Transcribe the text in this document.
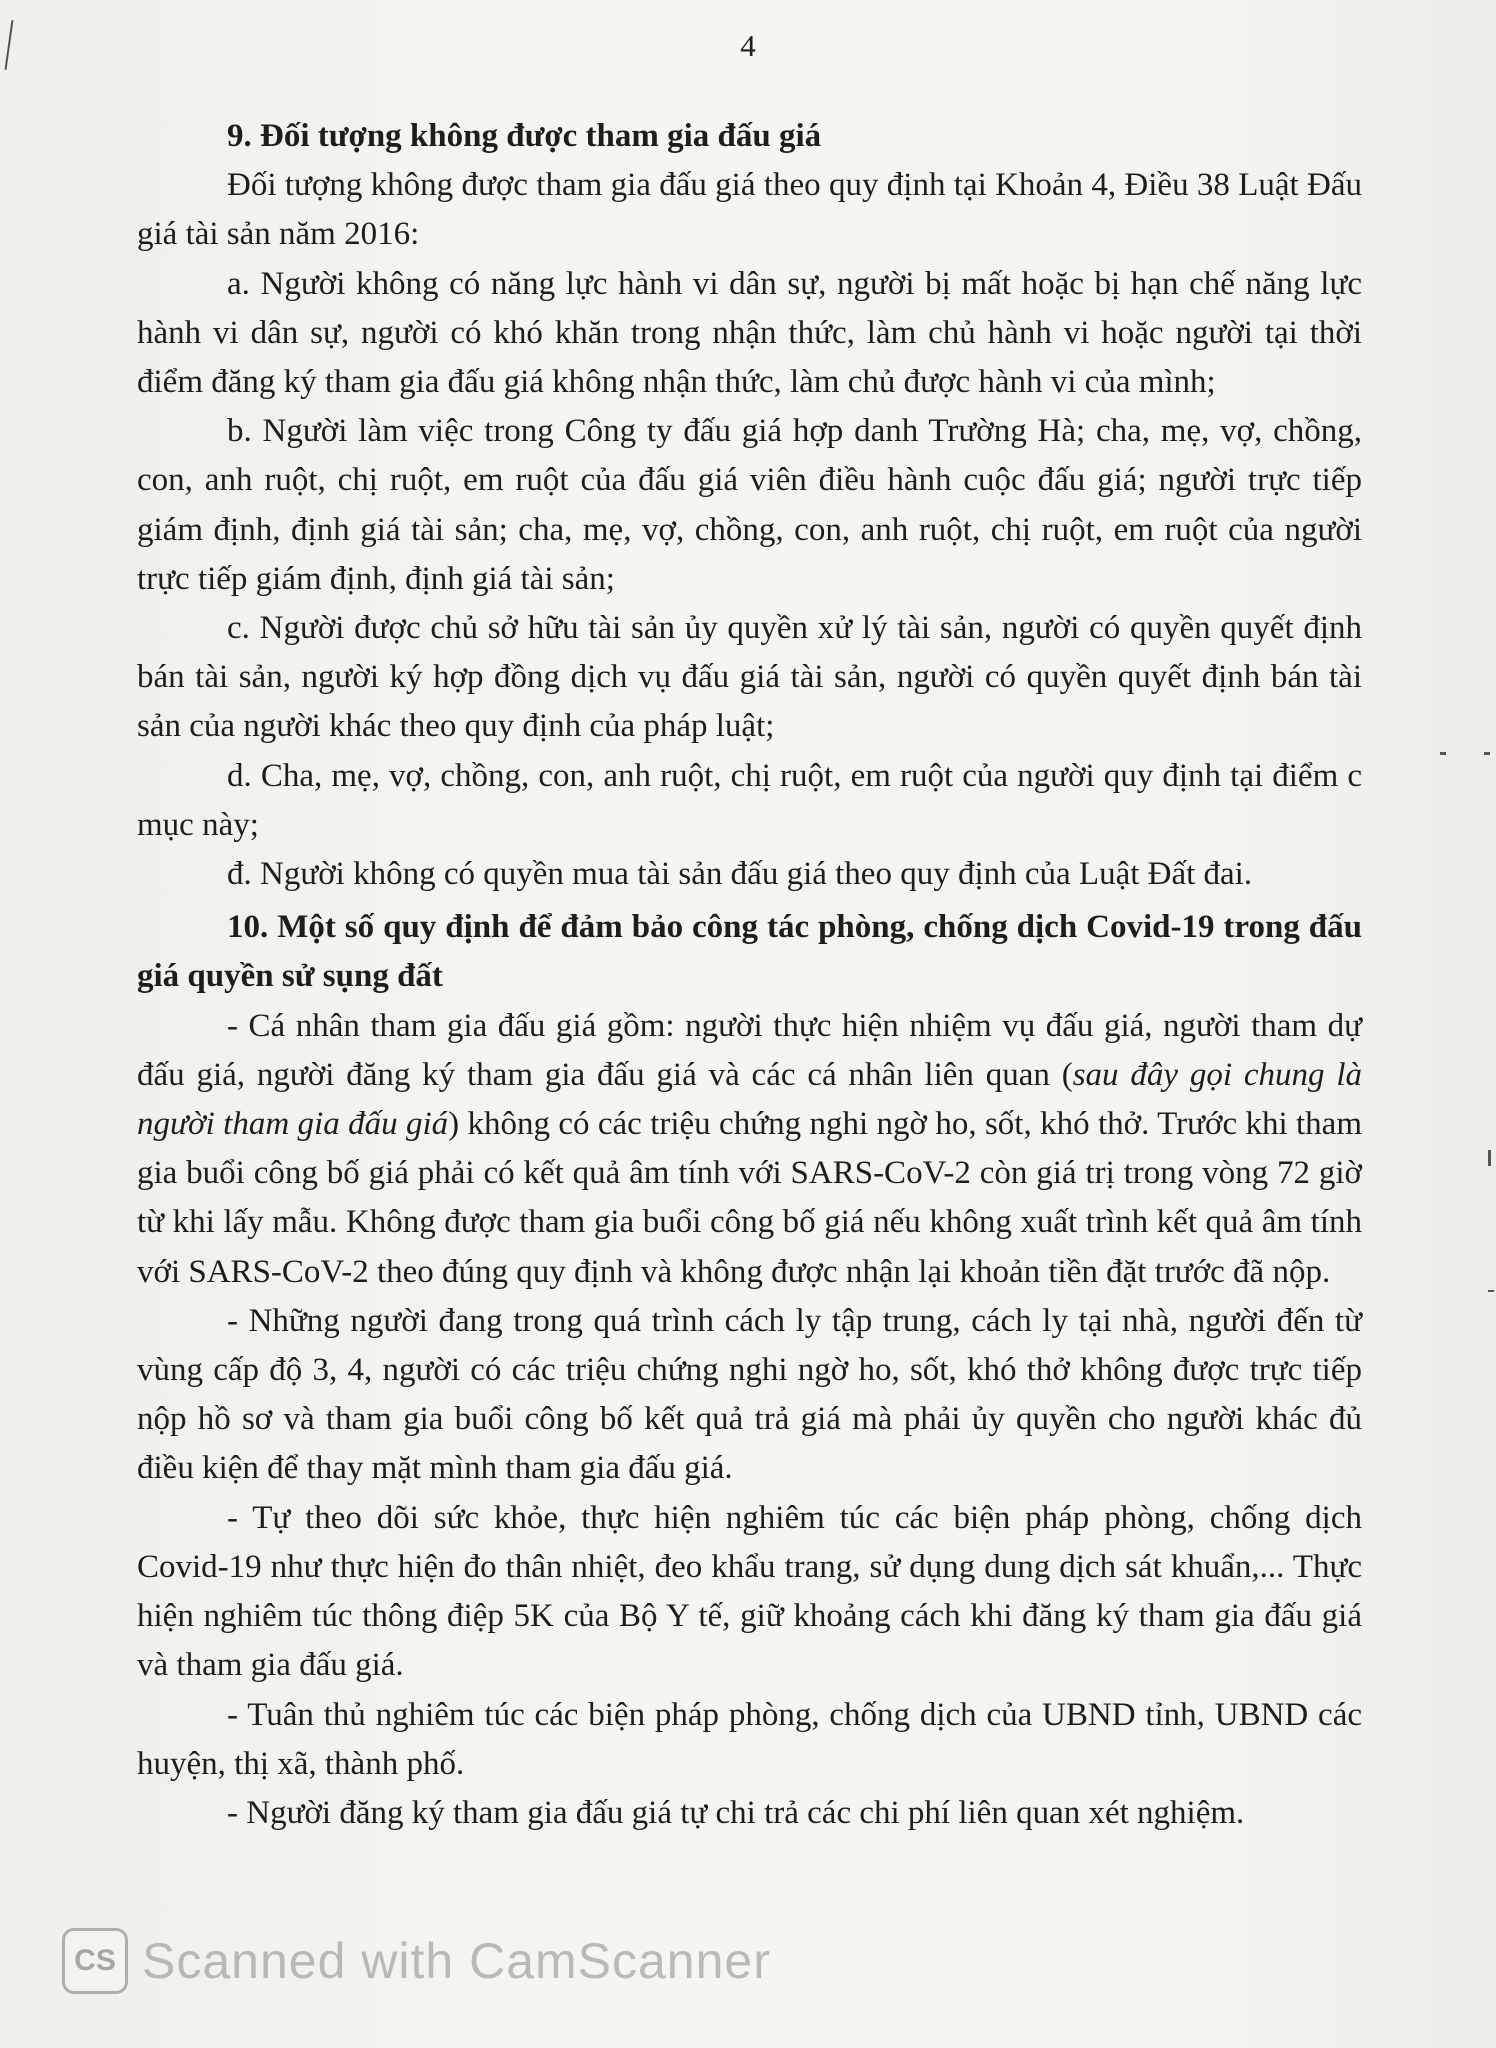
4

9. Đối tượng không được tham gia đấu giá

Đối tượng không được tham gia đấu giá theo quy định tại Khoản 4, Điều 38 Luật Đấu giá tài sản năm 2016:

a. Người không có năng lực hành vi dân sự, người bị mất hoặc bị hạn chế năng lực hành vi dân sự, người có khó khăn trong nhận thức, làm chủ hành vi hoặc người tại thời điểm đăng ký tham gia đấu giá không nhận thức, làm chủ được hành vi của mình;

b. Người làm việc trong Công ty đấu giá hợp danh Trường Hà; cha, mẹ, vợ, chồng, con, anh ruột, chị ruột, em ruột của đấu giá viên điều hành cuộc đấu giá; người trực tiếp giám định, định giá tài sản; cha, mẹ, vợ, chồng, con, anh ruột, chị ruột, em ruột của người trực tiếp giám định, định giá tài sản;

c. Người được chủ sở hữu tài sản ủy quyền xử lý tài sản, người có quyền quyết định bán tài sản, người ký hợp đồng dịch vụ đấu giá tài sản, người có quyền quyết định bán tài sản của người khác theo quy định của pháp luật;

d. Cha, mẹ, vợ, chồng, con, anh ruột, chị ruột, em ruột của người quy định tại điểm c mục này;

đ. Người không có quyền mua tài sản đấu giá theo quy định của Luật Đất đai.

10. Một số quy định để đảm bảo công tác phòng, chống dịch Covid-19 trong đấu giá quyền sử sụng đất

- Cá nhân tham gia đấu giá gồm: người thực hiện nhiệm vụ đấu giá, người tham dự đấu giá, người đăng ký tham gia đấu giá và các cá nhân liên quan (sau đây gọi chung là người tham gia đấu giá) không có các triệu chứng nghi ngờ ho, sốt, khó thở. Trước khi tham gia buổi công bố giá phải có kết quả âm tính với SARS-CoV-2 còn giá trị trong vòng 72 giờ từ khi lấy mẫu. Không được tham gia buổi công bố giá nếu không xuất trình kết quả âm tính với SARS-CoV-2 theo đúng quy định và không được nhận lại khoản tiền đặt trước đã nộp.

- Những người đang trong quá trình cách ly tập trung, cách ly tại nhà, người đến từ vùng cấp độ 3, 4, người có các triệu chứng nghi ngờ ho, sốt, khó thở không được trực tiếp nộp hồ sơ và tham gia buổi công bố kết quả trả giá mà phải ủy quyền cho người khác đủ điều kiện để thay mặt mình tham gia đấu giá.

- Tự theo dõi sức khỏe, thực hiện nghiêm túc các biện pháp phòng, chống dịch Covid-19 như thực hiện đo thân nhiệt, đeo khẩu trang, sử dụng dung dịch sát khuẩn,... Thực hiện nghiêm túc thông điệp 5K của Bộ Y tế, giữ khoảng cách khi đăng ký tham gia đấu giá và tham gia đấu giá.

- Tuân thủ nghiêm túc các biện pháp phòng, chống dịch của UBND tỉnh, UBND các huyện, thị xã, thành phố.

- Người đăng ký tham gia đấu giá tự chi trả các chi phí liên quan xét nghiệm.

CS Scanned with CamScanner
